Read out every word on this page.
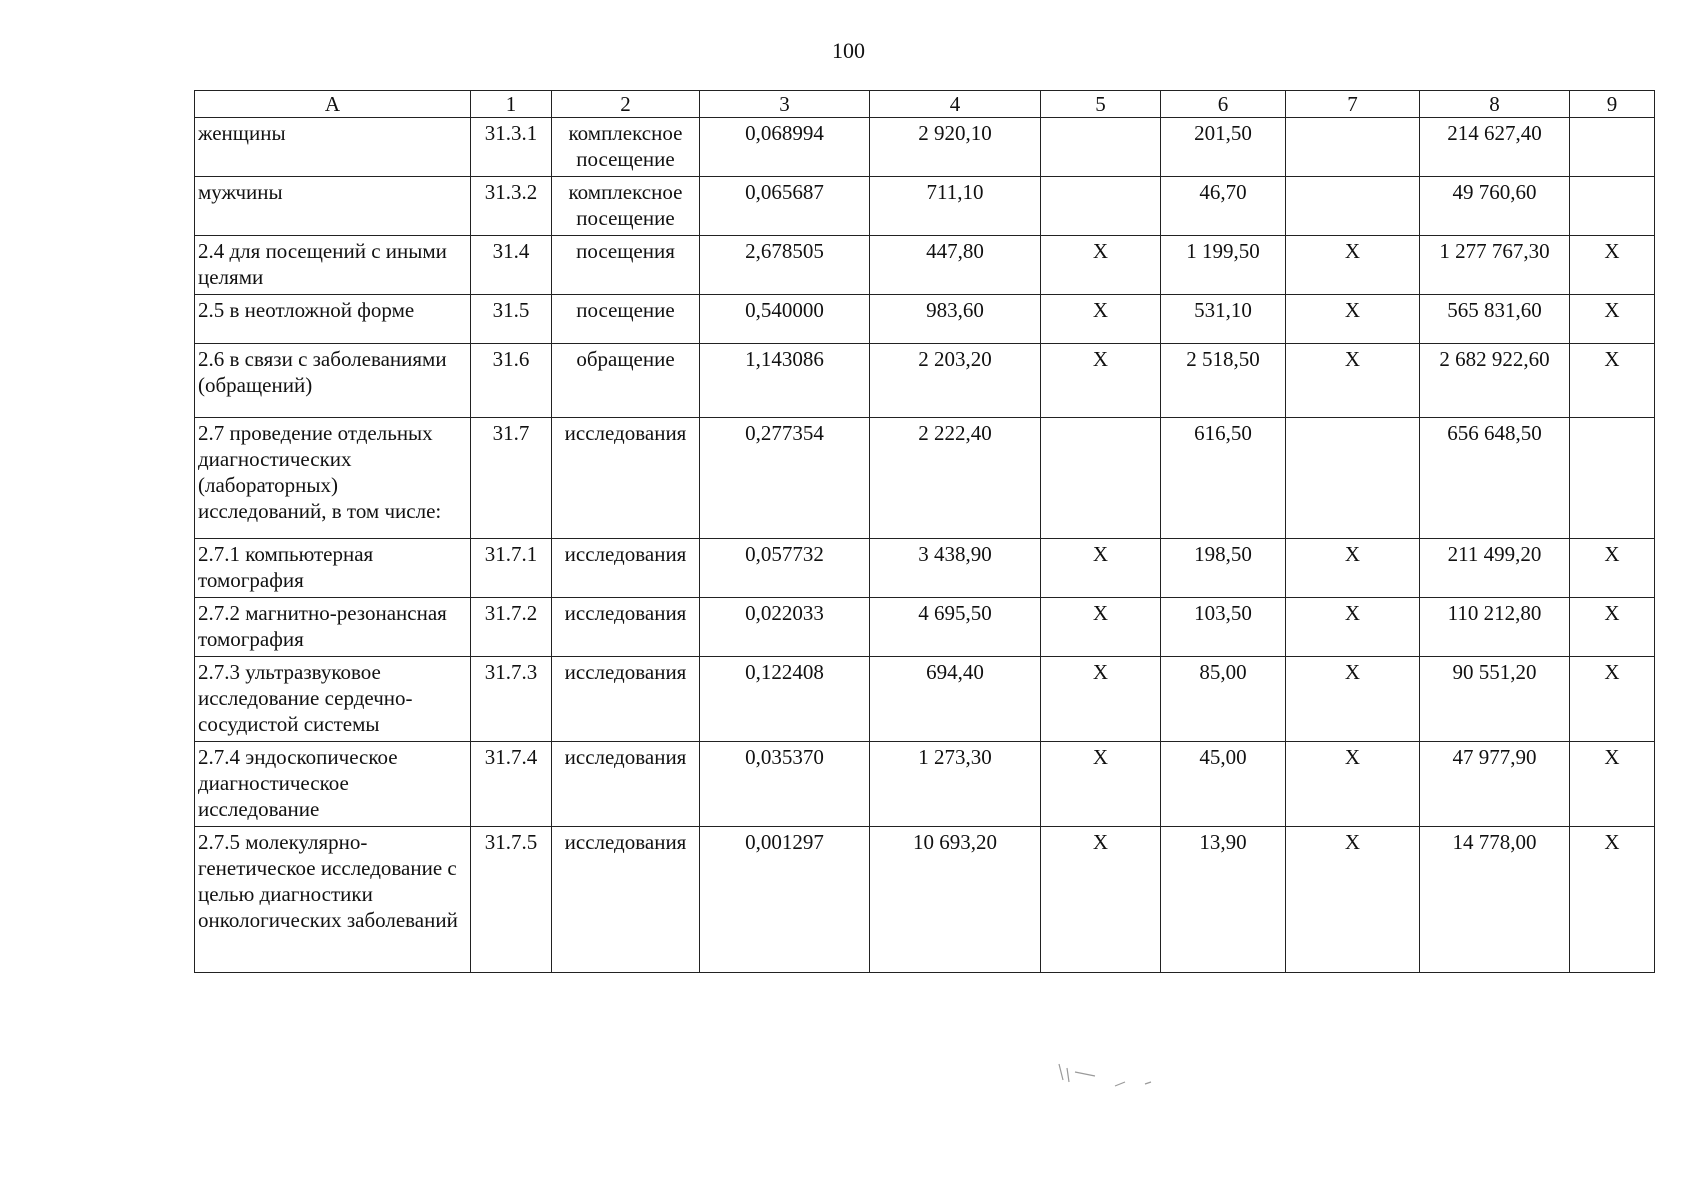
100
А	1	2	3	4	5	6	7	8	9
женщины	31.3.1	комплексное посещение	0,068994	2 920,10		201,50		214 627,40	
мужчины	31.3.2	комплексное посещение	0,065687	711,10		46,70		49 760,60	
2.4 для посещений с иными целями	31.4	посещения	2,678505	447,80	Х	1 199,50	Х	1 277 767,30	Х
2.5 в неотложной форме	31.5	посещение	0,540000	983,60	Х	531,10	Х	565 831,60	Х
2.6 в связи с заболеваниями (обращений)	31.6	обращение	1,143086	2 203,20	Х	2 518,50	Х	2 682 922,60	Х
2.7 проведение отдельных диагностических (лабораторных) исследований, в том числе:	31.7	исследования	0,277354	2 222,40		616,50		656 648,50	
2.7.1 компьютерная томография	31.7.1	исследования	0,057732	3 438,90	Х	198,50	Х	211 499,20	Х
2.7.2 магнитно-резонансная томография	31.7.2	исследования	0,022033	4 695,50	Х	103,50	Х	110 212,80	Х
2.7.3 ультразвуковое исследование сердечно-сосудистой системы	31.7.3	исследования	0,122408	694,40	Х	85,00	Х	90 551,20	Х
2.7.4 эндоскопическое диагностическое исследование	31.7.4	исследования	0,035370	1 273,30	Х	45,00	Х	47 977,90	Х
2.7.5 молекулярно-генетическое исследование с целью диагностики онкологических заболеваний	31.7.5	исследования	0,001297	10 693,20	Х	13,90	Х	14 778,00	Х
